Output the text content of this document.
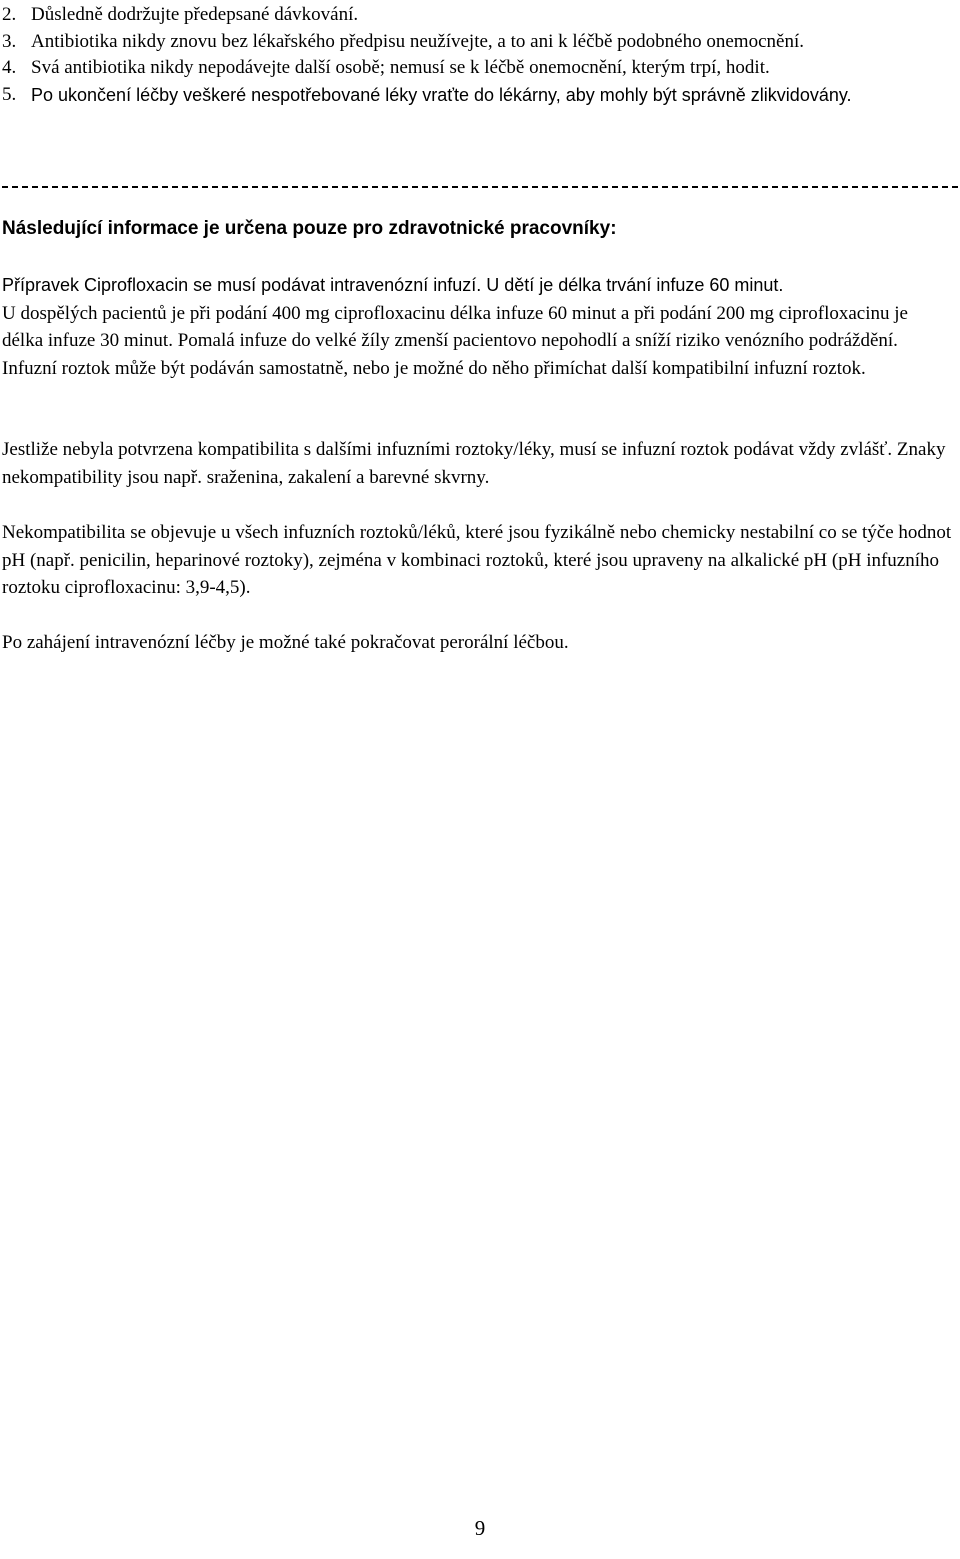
2. Důsledně dodržujte předepsané dávkování.
3. Antibiotika nikdy znovu bez lékařského předpisu neužívejte, a to ani k léčbě podobného onemocnění.
4. Svá antibiotika nikdy nepodávejte další osobě; nemusí se k léčbě onemocnění, kterým trpí, hodit.
5. Po ukončení léčby veškeré nespotřebované léky vraťte do lékárny, aby mohly být správně zlikvidovány.
Následující informace je určena pouze pro zdravotnické pracovníky:

Přípravek Ciprofloxacin se musí podávat intravenózní infuzí. U dětí je délka trvání infuze 60 minut.
U dospělých pacientů je při podání 400 mg ciprofloxacinu délka infuze 60 minut a při podání 200 mg ciprofloxacinu je délka infuze 30 minut. Pomalá infuze do velké žíly zmenší pacientovo nepohodlí a sníží riziko venózního podráždění. Infuzní roztok může být podáván samostatně, nebo je možné do něho přimíchat další kompatibilní infuzní roztok.

Jestliže nebyla potvrzena kompatibilita s dalšími infuzními roztoky/léky, musí se infuzní roztok podávat vždy zvlášť. Znaky nekompatibility jsou např. sraženina, zakalení a barevné skvrny.

Nekompatibilita se objevuje u všech infuzních roztoků/léků, které jsou fyzikálně nebo chemicky nestabilní co se týče hodnot pH (např. penicilin, heparinové roztoky), zejména v kombinaci roztoků, které jsou upraveny na alkalické pH (pH infuzního roztoku ciprofloxacinu: 3,9-4,5).

Po zahájení intravenózní léčby je možné také pokračovat perorální léčbou.

9
